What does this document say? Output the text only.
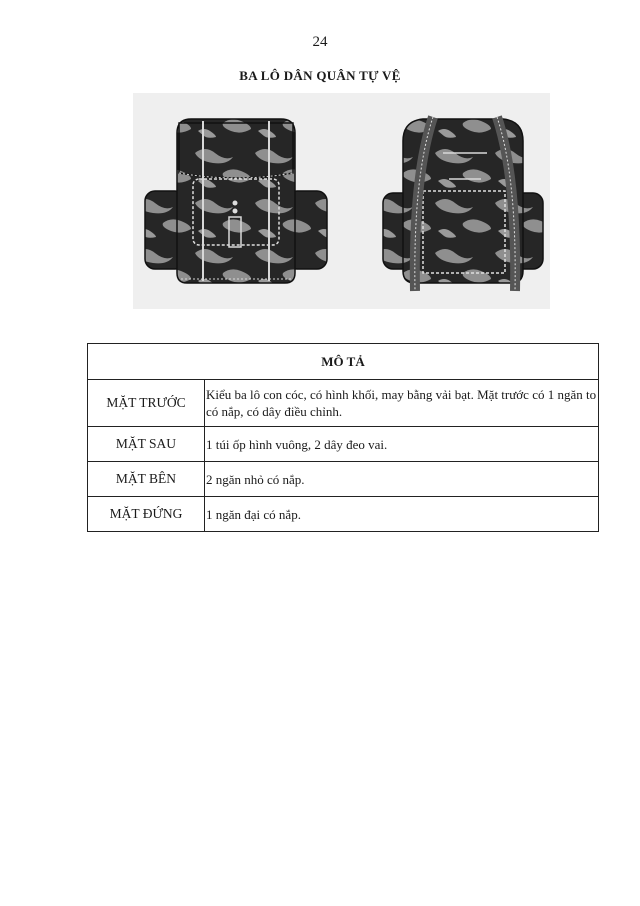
24
BA LÔ DÂN QUÂN TỰ VỆ
MÔ TẢ	
MẶT TRƯỚC	Kiểu ba lô con cóc, có hình khối, may bằng vải bạt. Mặt trước có 1 ngăn to có nắp, có dây điều chỉnh.
MẶT SAU	1 túi ốp hình vuông, 2 dây đeo vai.
MẶT BÊN	2 ngăn nhỏ có nắp.
MẶT ĐỨNG	1 ngăn đại có nắp.
